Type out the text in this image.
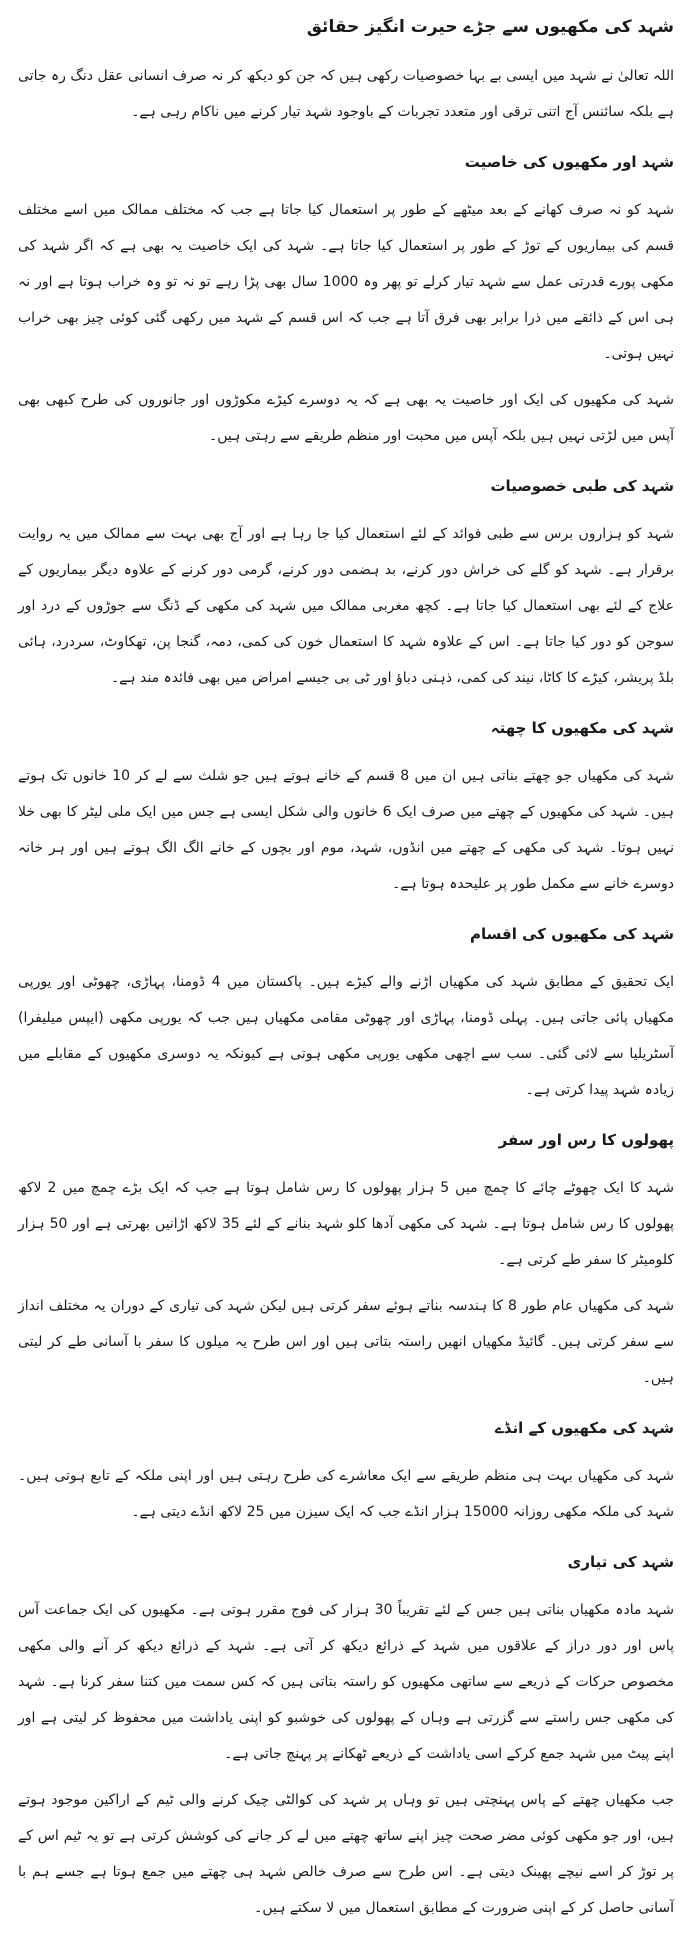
شہد کی مکھیوں سے جڑے حیرت انگیز حقائق

اللہ تعالیٰ نے شہد میں ایسی بے بہا خصوصیات رکھی ہیں کہ جن کو دیکھ کر نہ صرف انسانی عقل دنگ رہ جاتی ہے بلکہ سائنس آج اتنی ترقی اور متعدد تجربات کے باوجود شہد تیار کرنے میں ناکام رہی ہے۔

شہد اور مکھیوں کی خاصیت

شہد کو نہ صرف کھانے کے بعد میٹھے کے طور پر استعمال کیا جاتا ہے جب کہ مختلف ممالک میں اسے مختلف قسم کی بیماریوں کے توڑ کے طور پر استعمال کیا جاتا ہے۔ شہد کی ایک خاصیت یہ بھی ہے کہ اگر شہد کی مکھی پورے قدرتی عمل سے شہد تیار کرلے تو پھر وہ 1000 سال بھی پڑا رہے تو نہ تو وہ خراب ہوتا ہے اور نہ ہی اس کے ذائقے میں ذرا برابر بھی فرق آتا ہے جب کہ اس قسم کے شہد میں رکھی گئی کوئی چیز بھی خراب نہیں ہوتی۔

شہد کی مکھیوں کی ایک اور خاصیت یہ بھی ہے کہ یہ دوسرے کیڑے مکوڑوں اور جانوروں کی طرح کبھی بھی آپس میں لڑتی نہیں ہیں بلکہ آپس میں محبت اور منظم طریقے سے رہتی ہیں۔

شہد کی طبی خصوصیات

شہد کو ہزاروں برس سے طبی فوائد کے لئے استعمال کیا جا رہا ہے اور آج بھی بہت سے ممالک میں یہ روایت برقرار ہے۔ شہد کو گلے کی خراش دور کرنے، بد ہضمی دور کرنے، گرمی دور کرنے کے علاوہ دیگر بیماریوں کے علاج کے لئے بھی استعمال کیا جاتا ہے۔ کچھ مغربی ممالک میں شہد کی مکھی کے ڈنگ سے جوڑوں کے درد اور سوجن کو دور کیا جاتا ہے۔ اس کے علاوہ شہد کا استعمال خون کی کمی، دمہ، گنجا پن، تھکاوٹ، سردرد، ہائی بلڈ پریشر، کیڑے کا کاٹا، نیند کی کمی، ذہنی دباؤ اور ٹی بی جیسے امراض میں بھی فائدہ مند ہے۔

شہد کی مکھیوں کا چھتہ

شہد کی مکھیاں جو چھتے بناتی ہیں ان میں 8 قسم کے خانے ہوتے ہیں جو شلث سے لے کر 10 خانوں تک ہوتے ہیں۔ شہد کی مکھیوں کے چھتے میں صرف ایک 6 خانوں والی شکل ایسی ہے جس میں ایک ملی لیٹر کا بھی خلا نہیں ہوتا۔ شہد کی مکھی کے چھتے میں انڈوں، شہد، موم اور بچوں کے خانے الگ الگ ہوتے ہیں اور ہر خانہ دوسرے خانے سے مکمل طور پر علیحدہ ہوتا ہے۔

شہد کی مکھیوں کی اقسام

ایک تحقیق کے مطابق شہد کی مکھیاں اڑنے والے کیڑے ہیں۔ پاکستان میں 4 ڈومنا، پہاڑی، چھوٹی اور یورپی مکھیاں پائی جاتی ہیں۔ پہلی ڈومنا، پہاڑی اور چھوٹی مقامی مکھیاں ہیں جب کہ یورپی مکھی (ایپس میلیفرا) آسٹریلیا سے لائی گئی۔ سب سے اچھی مکھی یورپی مکھی ہوتی ہے کیونکہ یہ دوسری مکھیوں کے مقابلے میں زیادہ شہد پیدا کرتی ہے۔

پھولوں کا رس اور سفر

شہد کا ایک چھوٹے چائے کا چمچ میں 5 ہزار پھولوں کا رس شامل ہوتا ہے جب کہ ایک بڑے چمچ میں 2 لاکھ پھولوں کا رس شامل ہوتا ہے۔ شہد کی مکھی آدھا کلو شہد بنانے کے لئے 35 لاکھ اڑانیں بھرتی ہے اور 50 ہزار کلومیٹر کا سفر طے کرتی ہے۔

شہد کی مکھیاں عام طور 8 کا ہندسہ بناتے ہوئے سفر کرتی ہیں لیکن شہد کی تیاری کے دوران یہ مختلف انداز سے سفر کرتی ہیں۔ گائیڈ مکھیاں انھیں راستہ بتاتی ہیں اور اس طرح یہ میلوں کا سفر با آسانی طے کر لیتی ہیں۔

شہد کی مکھیوں کے انڈے

شہد کی مکھیاں بہت ہی منظم طریقے سے ایک معاشرے کی طرح رہتی ہیں اور اپنی ملکہ کے تابع ہوتی ہیں۔ شہد کی ملکہ مکھی روزانہ 15000 ہزار انڈے جب کہ ایک سیزن میں 25 لاکھ انڈے دیتی ہے۔

شہد کی تیاری

شہد مادہ مکھیاں بناتی ہیں جس کے لئے تقریباً 30 ہزار کی فوج مقرر ہوتی ہے۔ مکھیوں کی ایک جماعت آس پاس اور دور دراز کے علاقوں میں شہد کے ذرائع دیکھ کر آتی ہے۔ شہد کے ذرائع دیکھ کر آنے والی مکھی مخصوص حرکات کے ذریعے سے ساتھی مکھیوں کو راستہ بتاتی ہیں کہ کس سمت میں کتنا سفر کرنا ہے۔ شہد کی مکھی جس راستے سے گزرتی ہے وہاں کے پھولوں کی خوشبو کو اپنی یاداشت میں محفوظ کر لیتی ہے اور اپنے پیٹ میں شہد جمع کرکے اسی یاداشت کے ذریعے ٹھکانے پر پہنچ جاتی ہے۔

جب مکھیاں چھتے کے پاس پہنچتی ہیں تو وہاں پر شہد کی کوالٹی چیک کرنے والی ٹیم کے اراکین موجود ہوتے ہیں، اور جو مکھی کوئی مضر صحت چیز اپنے ساتھ چھتے میں لے کر جانے کی کوشش کرتی ہے تو یہ ٹیم اس کے پر توڑ کر اسے نیچے پھینک دیتی ہے۔ اس طرح سے صرف خالص شہد ہی چھتے میں جمع ہوتا ہے جسے ہم با آسانی حاصل کر کے اپنی ضرورت کے مطابق استعمال میں لا سکتے ہیں۔
